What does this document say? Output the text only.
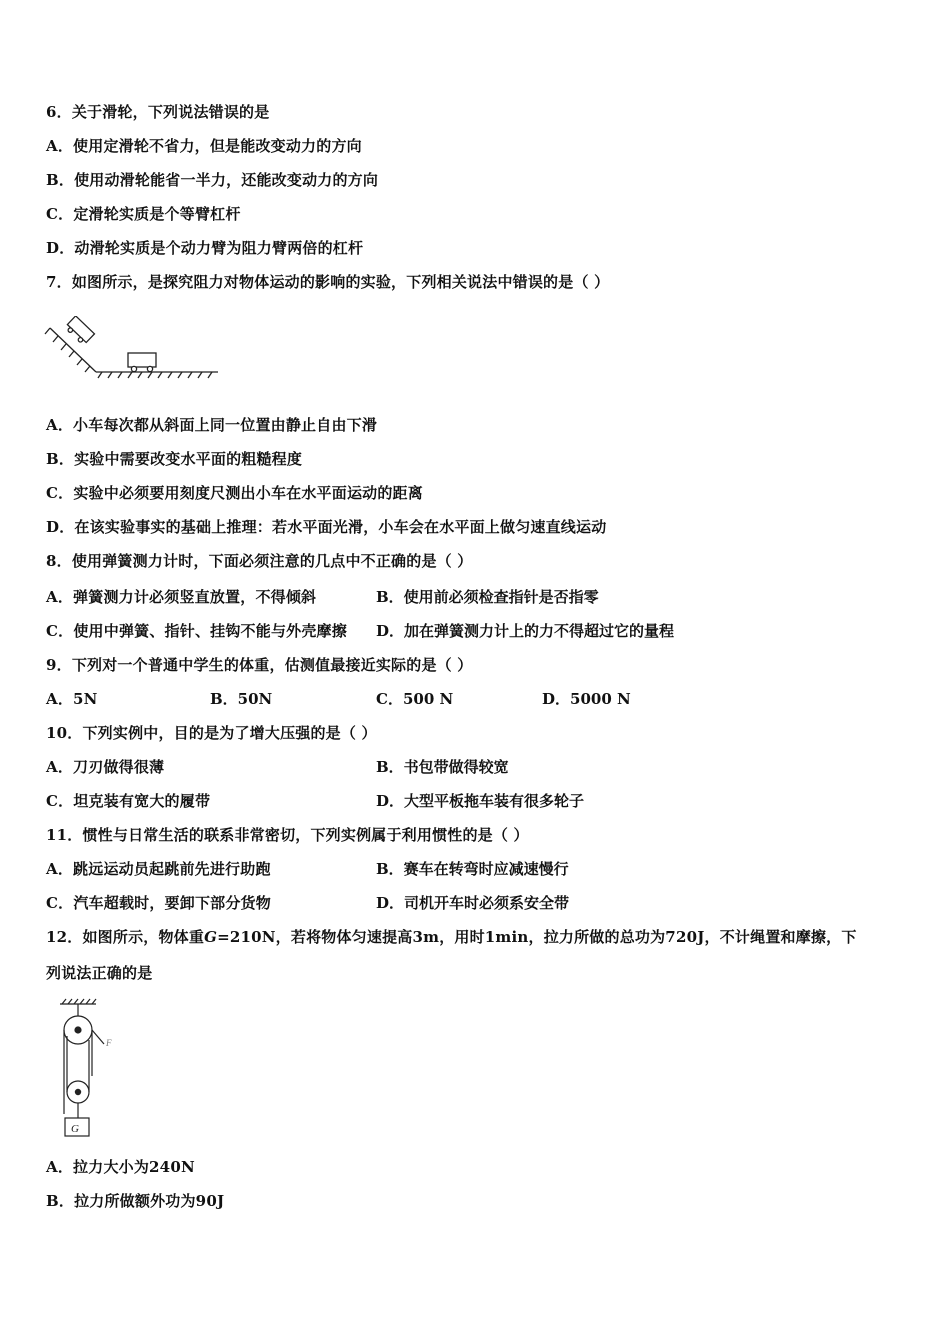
6．关于滑轮，下列说法错误的是
A．使用定滑轮不省力，但是能改变动力的方向
B．使用动滑轮能省一半力，还能改变动力的方向
C．定滑轮实质是个等臂杠杆
D．动滑轮实质是个动力臂为阻力臂两倍的杠杆
7．如图所示，是探究阻力对物体运动的影响的实验，下列相关说法中错误的是（ ）
A．小车每次都从斜面上同一位置由静止自由下滑
B．实验中需要改变水平面的粗糙程度
C．实验中必须要用刻度尺测出小车在水平面运动的距离
D．在该实验事实的基础上推理：若水平面光滑，小车会在水平面上做匀速直线运动
8．使用弹簧测力计时，下面必须注意的几点中不正确的是（ ）
A．弹簧测力计必须竖直放置，不得倾斜	B．使用前必须检查指针是否指零
C．使用中弹簧、指针、挂钩不能与外壳摩擦 D．加在弹簧测力计上的力不得超过它的量程
9．下列对一个普通中学生的体重，估测值最接近实际的是（ ）
A．5N	B．50N	C．500 N	D．5000 N
10．下列实例中，目的是为了增大压强的是（ ）
A．刀刃做得很薄	B．书包带做得较宽
C．坦克装有宽大的履带	D．大型平板拖车装有很多轮子
11．惯性与日常生活的联系非常密切，下列实例属于利用惯性的是（ ）
A．跳远运动员起跳前先进行助跑	B．赛车在转弯时应减速慢行
C．汽车超载时，要卸下部分货物	D．司机开车时必须系安全带
12．如图所示，物体重G=210N，若将物体匀速提高3m，用时1min，拉力所做的总功为720J，不计绳置和摩擦，下
列说法正确的是
G
F
A．拉力大小为240N
B．拉力所做额外功为90J
